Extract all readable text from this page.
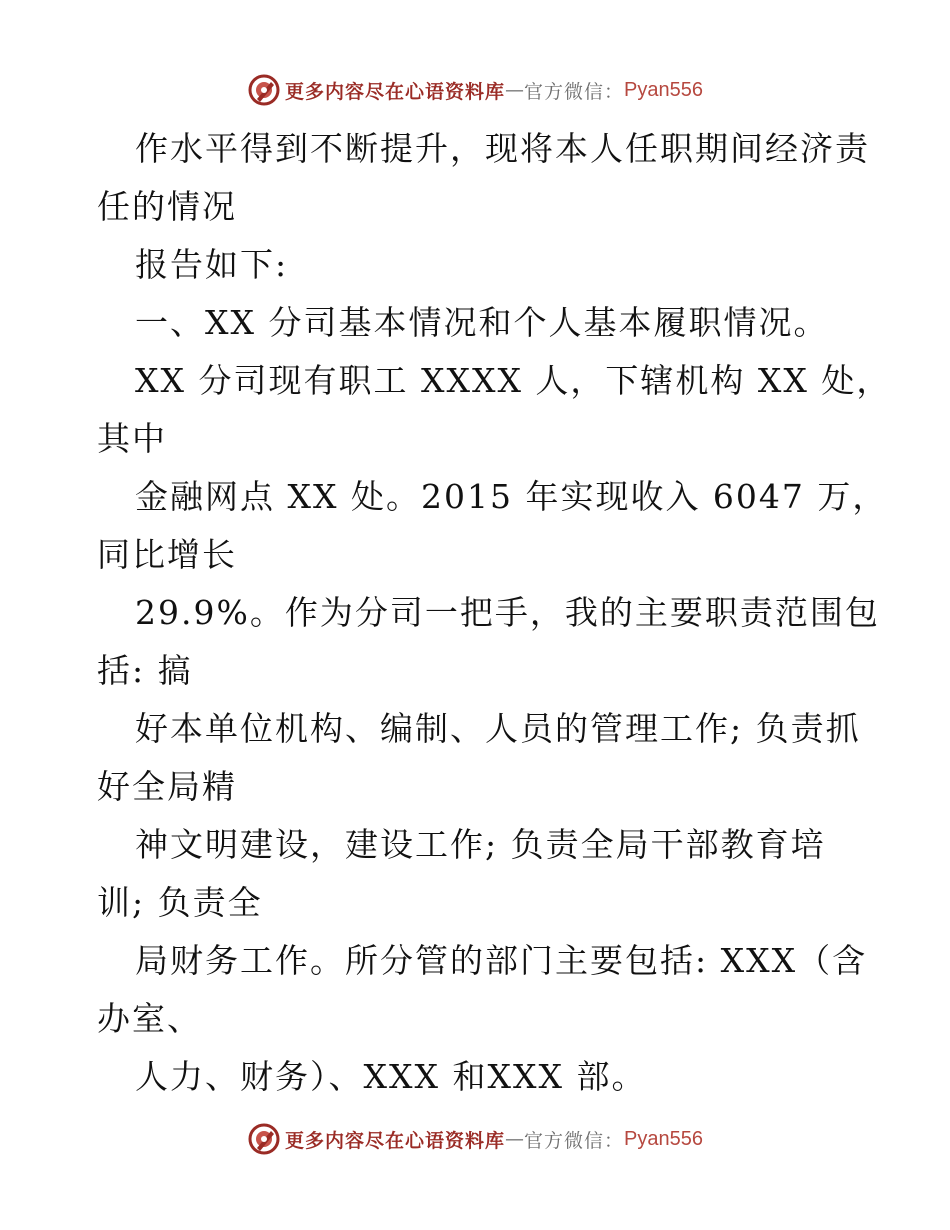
更多内容尽在心语资料库 — 官方微信： Pyan556
作水平得到不断提升，现将本人任职期间经济责
任的情况
报告如下:
一、XX 分司基本情况和个人基本履职情况。
XX 分司现有职工 XXXX 人，下辖机构 XX 处，
其中
金融网点 XX 处。2015 年实现收入 6047 万，
同比增长
29.9%。作为分司一把手，我的主要职责范围包
括: 搞
好本单位机构、编制、人员的管理工作; 负责抓
好全局精
神文明建设，建设工作; 负责全局干部教育培
训; 负责全
局财务工作。所分管的部门主要包括: XXX（含
办室、
人力、财务）、XXX 和XXX 部。
更多内容尽在心语资料库 — 官方微信： Pyan556
